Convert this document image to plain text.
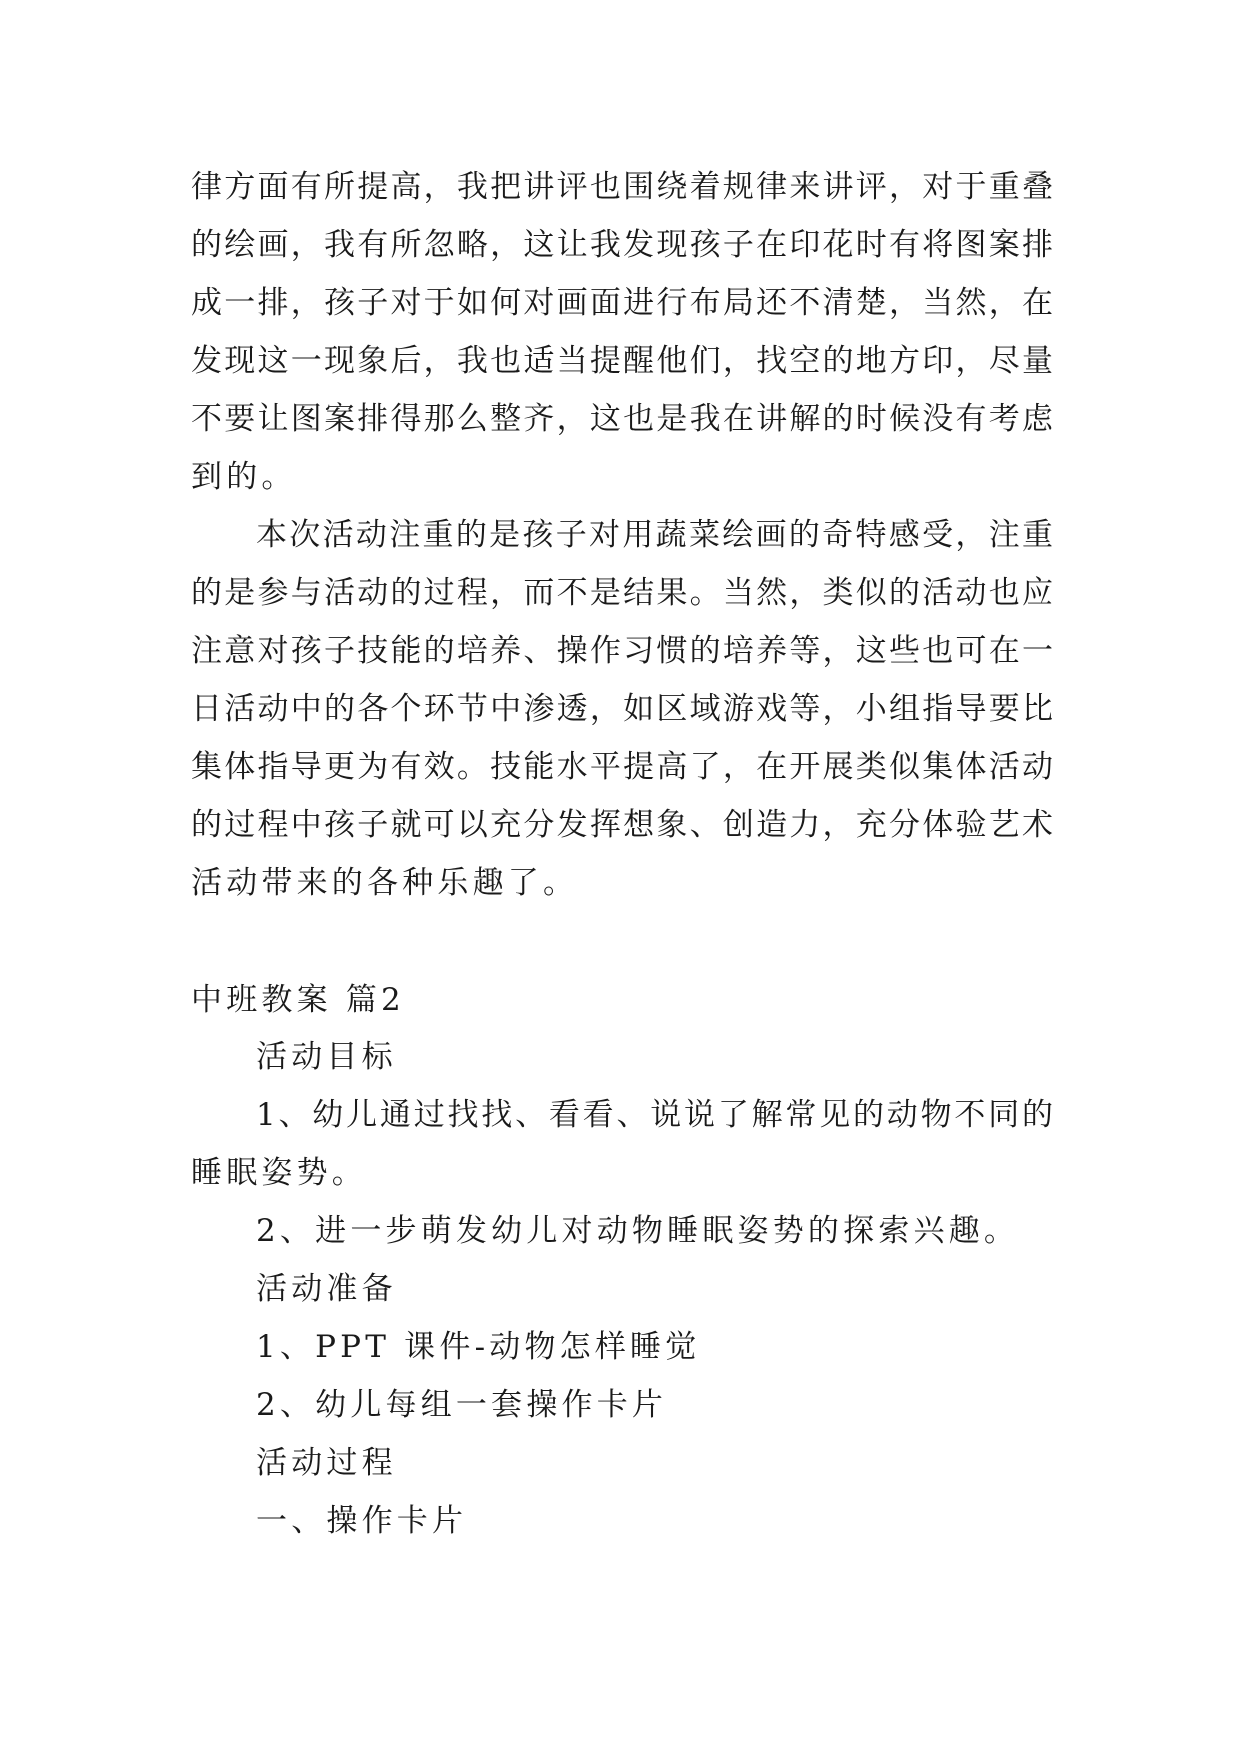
律方面有所提高，我把讲评也围绕着规律来讲评，对于重叠
的绘画，我有所忽略，这让我发现孩子在印花时有将图案排
成一排，孩子对于如何对画面进行布局还不清楚，当然，在
发现这一现象后，我也适当提醒他们，找空的地方印，尽量
不要让图案排得那么整齐，这也是我在讲解的时候没有考虑
到的。
本次活动注重的是孩子对用蔬菜绘画的奇特感受，注重
的是参与活动的过程，而不是结果。当然，类似的活动也应
注意对孩子技能的培养、操作习惯的培养等，这些也可在一
日活动中的各个环节中渗透，如区域游戏等，小组指导要比
集体指导更为有效。技能水平提高了，在开展类似集体活动
的过程中孩子就可以充分发挥想象、创造力，充分体验艺术
活动带来的各种乐趣了。
中班教案 篇2
活动目标
1、幼儿通过找找、看看、说说了解常见的动物不同的
睡眠姿势。
2、进一步萌发幼儿对动物睡眠姿势的探索兴趣。
活动准备
1、PPT 课件-动物怎样睡觉
2、幼儿每组一套操作卡片
活动过程
一、操作卡片
